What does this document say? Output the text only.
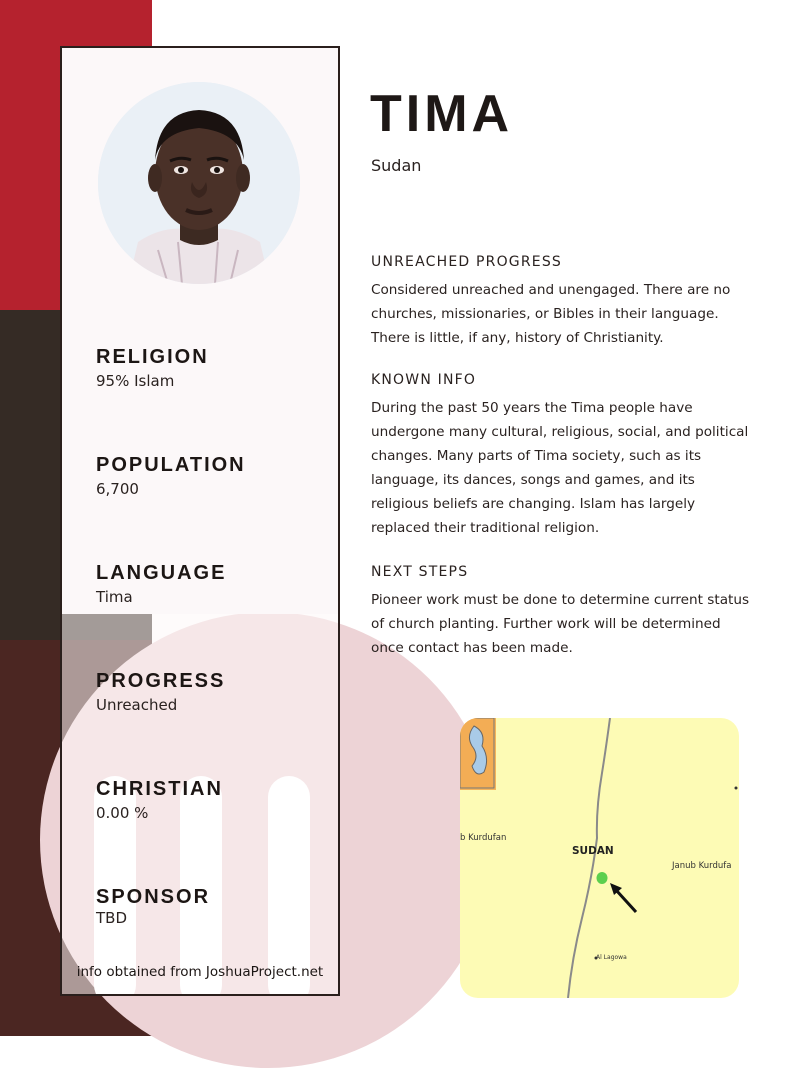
RELIGION
95% Islam
POPULATION
6,700
LANGUAGE
Tima
PROGRESS
Unreached
CHRISTIAN
0.00 %
SPONSOR
TBD
info obtained from JoshuaProject.net
TIMA
Sudan
UNREACHED PROGRESS
Considered unreached and unengaged. There are no churches, missionaries, or Bibles in their language. There is little, if any, history of Christianity.
KNOWN INFO
During the past 50 years the Tima people have undergone many cultural, religious, social, and political changes. Many parts of Tima society, such as its language, its dances, songs and games, and its religious beliefs are changing. Islam has largely replaced their traditional religion.
NEXT STEPS
Pioneer work must be done to determine current status of church planting. Further work will be determined once contact has been made.
b Kurdufan
SUDAN
Janub Kurdufa
Al Lagowa
